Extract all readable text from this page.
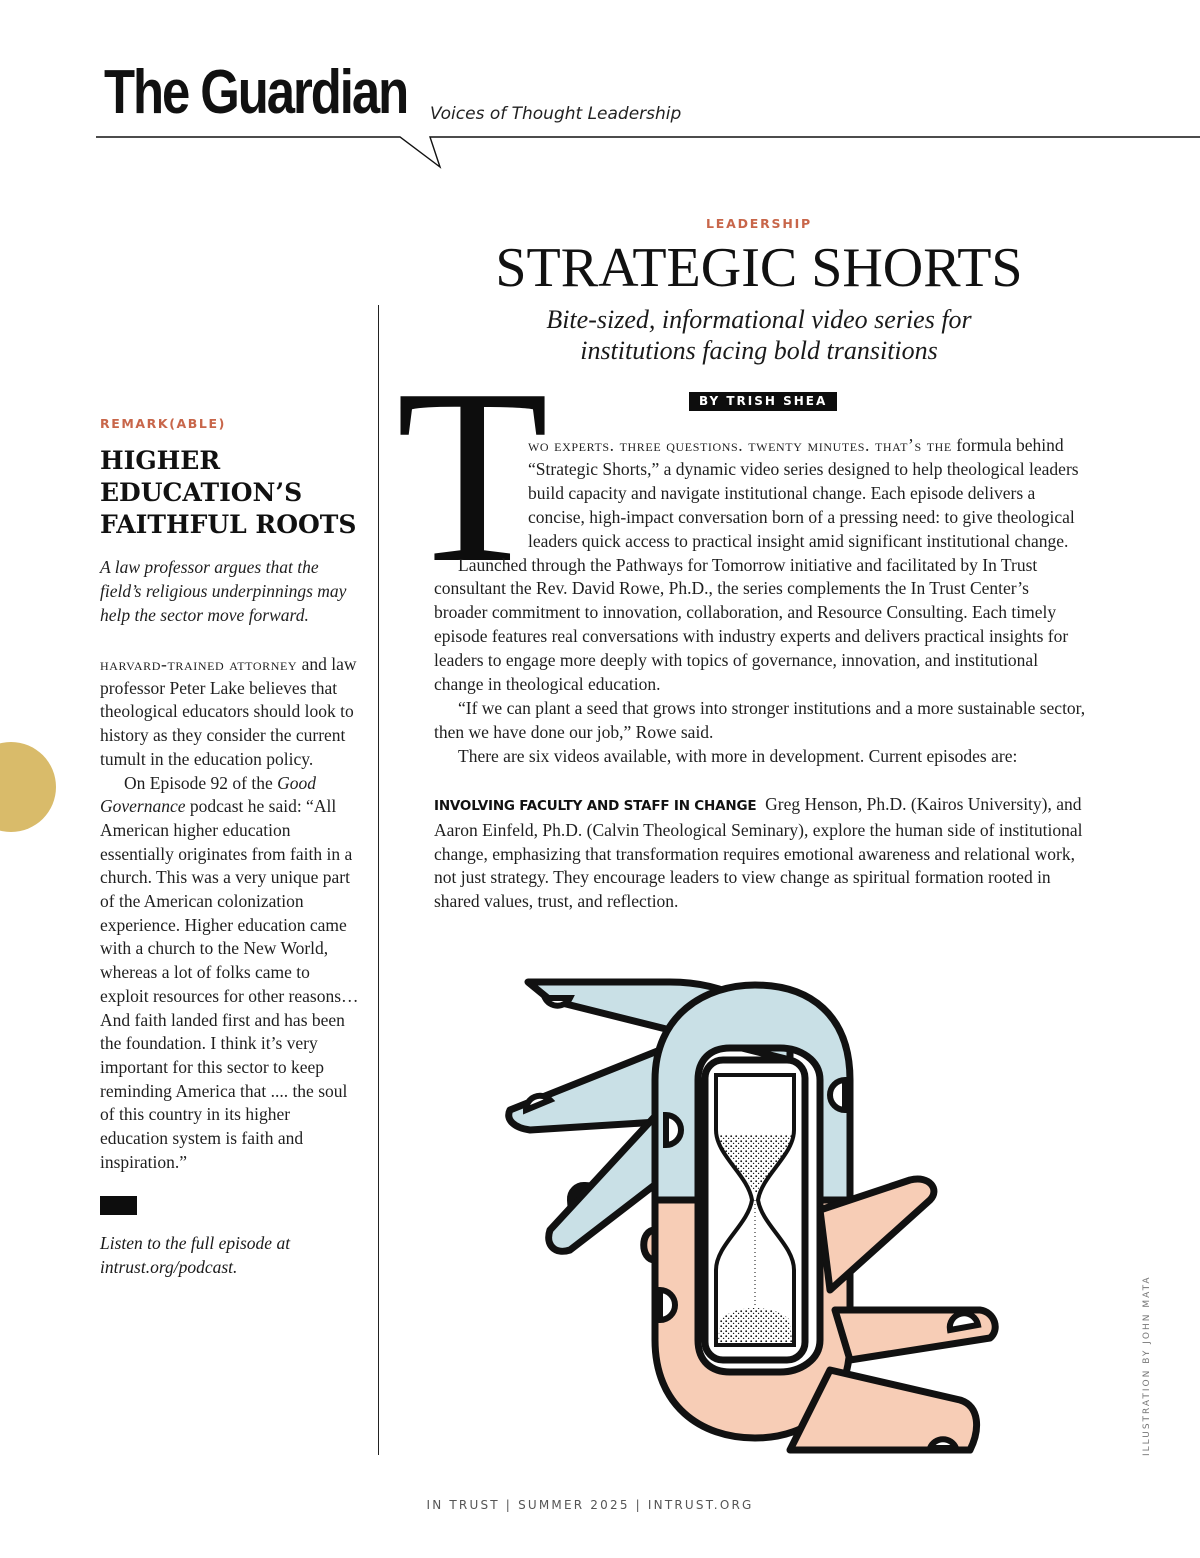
The Guardian Voices of Thought Leadership
REMARK(ABLE)
HIGHER EDUCATION’S FAITHFUL ROOTS
A law professor argues that the field’s religious underpinnings may help the sector move forward.

harvard-trained attorney and law professor Peter Lake believes that theological educators should look to history as they consider the current tumult in the education policy.

On Episode 92 of the Good Governance podcast he said: “All American higher education essentially originates from faith in a church. This was a very unique part of the American colonization experience. Higher education came with a church to the New World, whereas a lot of folks came to exploit resources for other reasons… And faith landed first and has been the foundation. I think it’s very important for this sector to keep reminding America that .... the soul of this country in its higher education system is faith and inspiration.”

Listen to the full episode at intrust.org/podcast.
LEADERSHIP
STRATEGIC SHORTS
Bite-sized, informational video series for
institutions facing bold transitions
BY TRISH SHEA
T

wo experts. three questions. twenty minutes. that’s the formula behind “Strategic Shorts,” a dynamic video series designed to help theological leaders build capacity and navigate institutional change. Each episode delivers a concise, high-impact conversation born of a pressing need: to give theological leaders quick access to practical insight amid significant institutional change.

Launched through the Pathways for Tomorrow initiative and facilitated by In Trust consultant the Rev. David Rowe, Ph.D., the series complements the In Trust Center’s broader commitment to innovation, collaboration, and Resource Consulting. Each timely episode features real conversations with industry experts and delivers practical insights for leaders to engage more deeply with topics of governance, innovation, and institutional change in theological education.

“If we can plant a seed that grows into stronger institutions and a more sustainable sector, then we have done our job,” Rowe said.

There are six videos available, with more in development. Current episodes are:

INVOLVING FACULTY AND STAFF IN CHANGE Greg Henson, Ph.D. (Kairos University), and Aaron Einfeld, Ph.D. (Calvin Theological Seminary), explore the human side of institutional change, emphasizing that transformation requires emotional awareness and relational work, not just strategy. They encourage leaders to view change as spiritual formation rooted in shared values, trust, and reflection.

ILLUSTRATION BY JOHN MATA
IN TRUST | SUMMER 2025 | INTRUST.ORG
